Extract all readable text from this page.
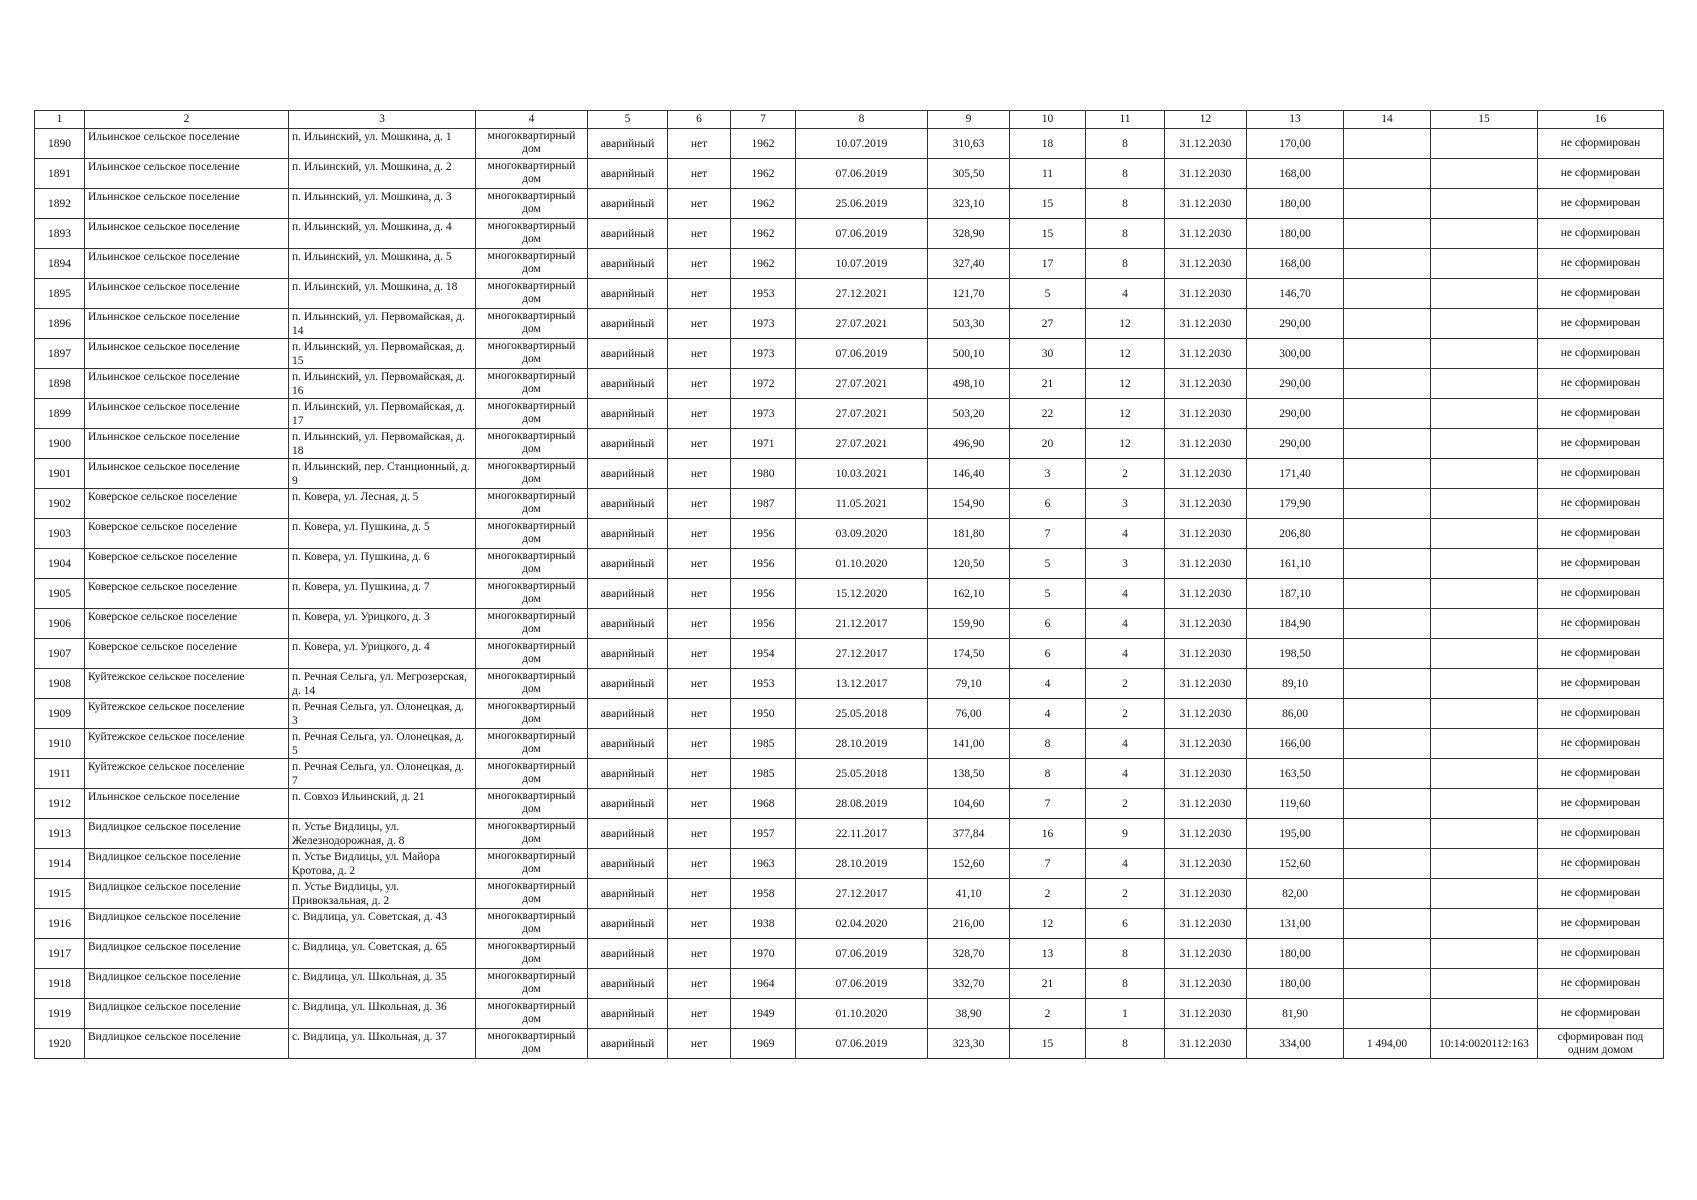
1	2	3	4	5	6	7	8	9	10	11	12	13	14	15	16
1890	Ильинское сельское поселение	п. Ильинский, ул. Мошкина, д. 1	многоквартирный дом	аварийный	нет	1962	10.07.2019	310,63	18	8	31.12.2030	170,00			не сформирован
1891	Ильинское сельское поселение	п. Ильинский, ул. Мошкина, д. 2	многоквартирный дом	аварийный	нет	1962	07.06.2019	305,50	11	8	31.12.2030	168,00			не сформирован
1892	Ильинское сельское поселение	п. Ильинский, ул. Мошкина, д. 3	многоквартирный дом	аварийный	нет	1962	25.06.2019	323,10	15	8	31.12.2030	180,00			не сформирован
1893	Ильинское сельское поселение	п. Ильинский, ул. Мошкина, д. 4	многоквартирный дом	аварийный	нет	1962	07.06.2019	328,90	15	8	31.12.2030	180,00			не сформирован
1894	Ильинское сельское поселение	п. Ильинский, ул. Мошкина, д. 5	многоквартирный дом	аварийный	нет	1962	10.07.2019	327,40	17	8	31.12.2030	168,00			не сформирован
1895	Ильинское сельское поселение	п. Ильинский, ул. Мошкина, д. 18	многоквартирный дом	аварийный	нет	1953	27.12.2021	121,70	5	4	31.12.2030	146,70			не сформирован
1896	Ильинское сельское поселение	п. Ильинский, ул. Первомайская, д. 14	многоквартирный дом	аварийный	нет	1973	27.07.2021	503,30	27	12	31.12.2030	290,00			не сформирован
1897	Ильинское сельское поселение	п. Ильинский, ул. Первомайская, д. 15	многоквартирный дом	аварийный	нет	1973	07.06.2019	500,10	30	12	31.12.2030	300,00			не сформирован
1898	Ильинское сельское поселение	п. Ильинский, ул. Первомайская, д. 16	многоквартирный дом	аварийный	нет	1972	27.07.2021	498,10	21	12	31.12.2030	290,00			не сформирован
1899	Ильинское сельское поселение	п. Ильинский, ул. Первомайская, д. 17	многоквартирный дом	аварийный	нет	1973	27.07.2021	503,20	22	12	31.12.2030	290,00			не сформирован
1900	Ильинское сельское поселение	п. Ильинский, ул. Первомайская, д. 18	многоквартирный дом	аварийный	нет	1971	27.07.2021	496,90	20	12	31.12.2030	290,00			не сформирован
1901	Ильинское сельское поселение	п. Ильинский, пер. Станционный, д. 9	многоквартирный дом	аварийный	нет	1980	10.03.2021	146,40	3	2	31.12.2030	171,40			не сформирован
1902	Коверское сельское поселение	п. Ковера, ул. Лесная, д. 5	многоквартирный дом	аварийный	нет	1987	11.05.2021	154,90	6	3	31.12.2030	179,90			не сформирован
1903	Коверское сельское поселение	п. Ковера, ул. Пушкина, д. 5	многоквартирный дом	аварийный	нет	1956	03.09.2020	181,80	7	4	31.12.2030	206,80			не сформирован
1904	Коверское сельское поселение	п. Ковера, ул. Пушкина, д. 6	многоквартирный дом	аварийный	нет	1956	01.10.2020	120,50	5	3	31.12.2030	161,10			не сформирован
1905	Коверское сельское поселение	п. Ковера, ул. Пушкина, д. 7	многоквартирный дом	аварийный	нет	1956	15.12.2020	162,10	5	4	31.12.2030	187,10			не сформирован
1906	Коверское сельское поселение	п. Ковера, ул. Урицкого, д. 3	многоквартирный дом	аварийный	нет	1956	21.12.2017	159,90	6	4	31.12.2030	184,90			не сформирован
1907	Коверское сельское поселение	п. Ковера, ул. Урицкого, д. 4	многоквартирный дом	аварийный	нет	1954	27.12.2017	174,50	6	4	31.12.2030	198,50			не сформирован
1908	Куйтежское сельское поселение	п. Речная Сельга, ул. Мегрозерская, д. 14	многоквартирный дом	аварийный	нет	1953	13.12.2017	79,10	4	2	31.12.2030	89,10			не сформирован
1909	Куйтежское сельское поселение	п. Речная Сельга, ул. Олонецкая, д. 3	многоквартирный дом	аварийный	нет	1950	25.05.2018	76,00	4	2	31.12.2030	86,00			не сформирован
1910	Куйтежское сельское поселение	п. Речная Сельга, ул. Олонецкая, д. 5	многоквартирный дом	аварийный	нет	1985	28.10.2019	141,00	8	4	31.12.2030	166,00			не сформирован
1911	Куйтежское сельское поселение	п. Речная Сельга, ул. Олонецкая, д. 7	многоквартирный дом	аварийный	нет	1985	25.05.2018	138,50	8	4	31.12.2030	163,50			не сформирован
1912	Ильинское сельское поселение	п. Совхоз Ильинский, д. 21	многоквартирный дом	аварийный	нет	1968	28.08.2019	104,60	7	2	31.12.2030	119,60			не сформирован
1913	Видлицкое сельское поселение	п. Устье Видлицы, ул. Железнодорожная, д. 8	многоквартирный дом	аварийный	нет	1957	22.11.2017	377,84	16	9	31.12.2030	195,00			не сформирован
1914	Видлицкое сельское поселение	п. Устье Видлицы, ул. Майора Кротова, д. 2	многоквартирный дом	аварийный	нет	1963	28.10.2019	152,60	7	4	31.12.2030	152,60			не сформирован
1915	Видлицкое сельское поселение	п. Устье Видлицы, ул. Привокзальная, д. 2	многоквартирный дом	аварийный	нет	1958	27.12.2017	41,10	2	2	31.12.2030	82,00			не сформирован
1916	Видлицкое сельское поселение	с. Видлица, ул. Советская, д. 43	многоквартирный дом	аварийный	нет	1938	02.04.2020	216,00	12	6	31.12.2030	131,00			не сформирован
1917	Видлицкое сельское поселение	с. Видлица, ул. Советская, д. 65	многоквартирный дом	аварийный	нет	1970	07.06.2019	328,70	13	8	31.12.2030	180,00			не сформирован
1918	Видлицкое сельское поселение	с. Видлица, ул. Школьная, д. 35	многоквартирный дом	аварийный	нет	1964	07.06.2019	332,70	21	8	31.12.2030	180,00			не сформирован
1919	Видлицкое сельское поселение	с. Видлица, ул. Школьная, д. 36	многоквартирный дом	аварийный	нет	1949	01.10.2020	38,90	2	1	31.12.2030	81,90			не сформирован
1920	Видлицкое сельское поселение	с. Видлица, ул. Школьная, д. 37	многоквартирный дом	аварийный	нет	1969	07.06.2019	323,30	15	8	31.12.2030	334,00	1 494,00	10:14:0020112:163	сформирован под одним домом
